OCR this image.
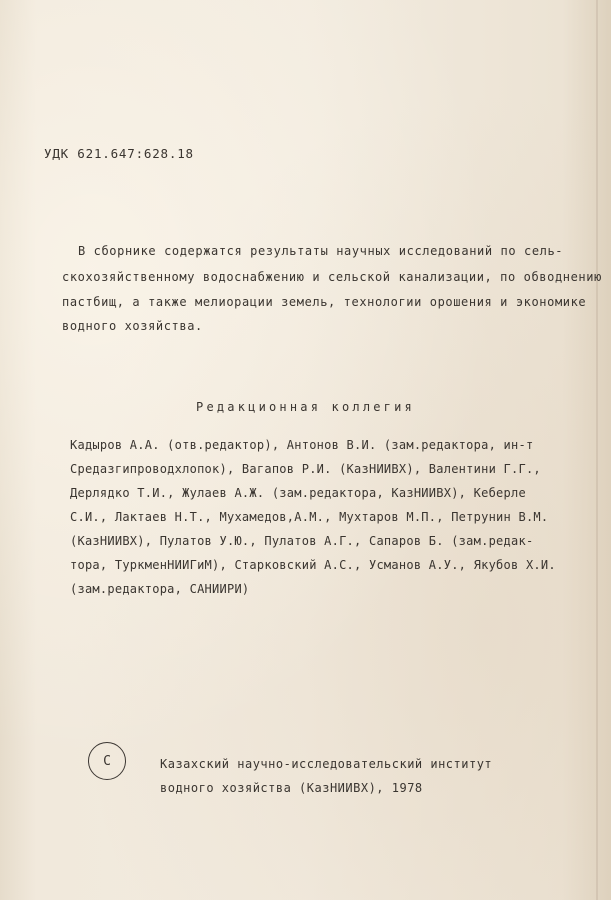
УДК 621.647:628.18
В сборнике содержатся результаты научных исследований по сель-
скохозяйственному водоснабжению и сельской канализации, по обводнению
пастбищ, а также мелиорации земель, технологии орошения и экономике
водного хозяйства.
Редакционная коллегия
Кадыров А.А. (отв.редактор), Антонов В.И. (зам.редактора, ин-т
Средазгипроводхлопок), Вагапов Р.И. (КазНИИВХ), Валентини Г.Г.,
Дерлядко Т.И., Жулаев А.Ж. (зам.редактора, КазНИИВХ), Кеберле
С.И., Лактаев Н.Т., Мухамедов,А.М., Мухтаров М.П., Петрунин В.М.
(КазНИИВХ), Пулатов У.Ю., Пулатов А.Г., Сапаров Б. (зам.редак-
тора, ТуркменНИИГиМ), Старковский А.С., Усманов А.У., Якубов Х.И.
(зам.редактора, САНИИРИ)
С	Казахский научно-исследовательский институт
водного хозяйства (КазНИИВХ), 1978
